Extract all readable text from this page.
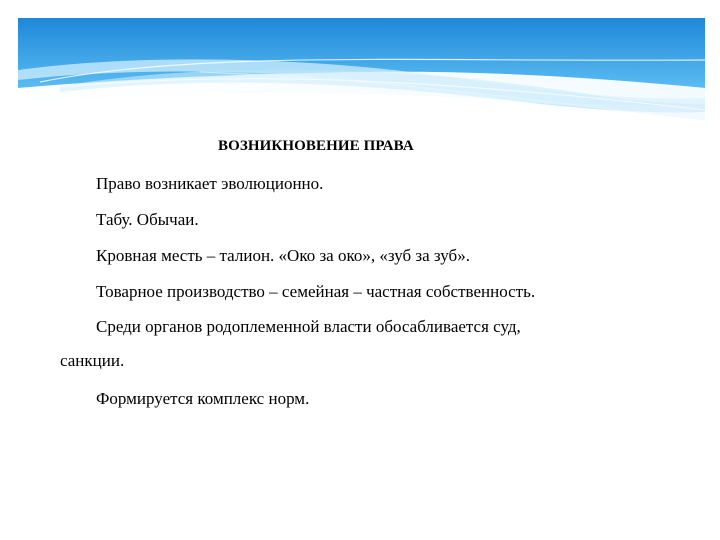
ВОЗНИКНОВЕНИЕ ПРАВА
Право возникает эволюционно.
Табу. Обычаи.
Кровная месть – талион. «Око за око», «зуб за зуб».
Товарное производство – семейная – частная собственность.
Среди органов родоплеменной власти обосабливается суд,
санкции.
Формируется комплекс норм.
